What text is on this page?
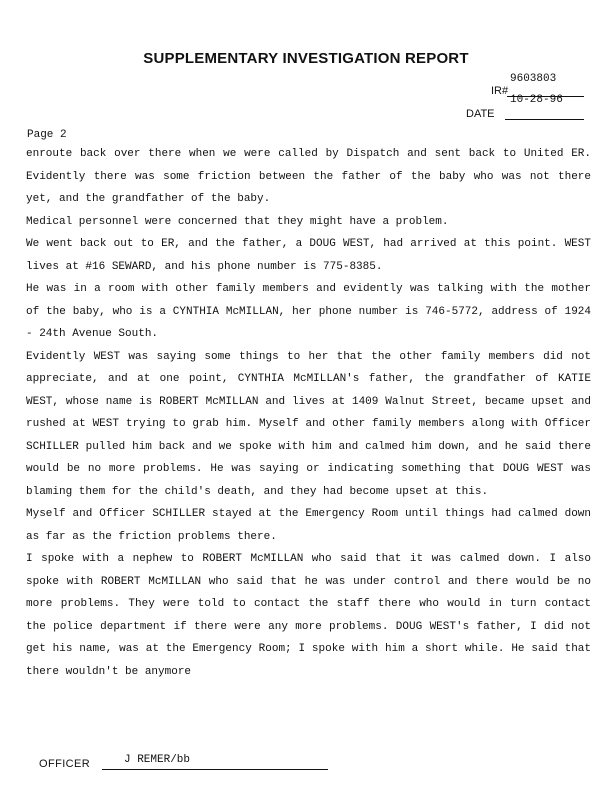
SUPPLEMENTARY INVESTIGATION REPORT
9603803
IR#
10-28-96
DATE
Page 2

enroute back over there when we were called by Dispatch and sent back to United ER. Evidently there was some friction between the father of the baby who was not there yet, and the grandfather of the baby.

Medical personnel were concerned that they might have a problem.

We went back out to ER, and the father, a DOUG WEST, had arrived at this point. WEST lives at #16 SEWARD, and his phone number is 775-8385.

He was in a room with other family members and evidently was talking with the mother of the baby, who is a CYNTHIA McMILLAN, her phone number is 746-5772, address of 1924 - 24th Avenue South.

Evidently WEST was saying some things to her that the other family members did not appreciate, and at one point, CYNTHIA McMILLAN's father, the grandfather of KATIE WEST, whose name is ROBERT McMILLAN and lives at 1409 Walnut Street, became upset and rushed at WEST trying to grab him. Myself and other family members along with Officer SCHILLER pulled him back and we spoke with him and calmed him down, and he said there would be no more problems. He was saying or indicating something that DOUG WEST was blaming them for the child's death, and they had become upset at this.

Myself and Officer SCHILLER stayed at the Emergency Room until things had calmed down as far as the friction problems there.

I spoke with a nephew to ROBERT McMILLAN who said that it was calmed down. I also spoke with ROBERT McMILLAN who said that he was under control and there would be no more problems. They were told to contact the staff there who would in turn contact the police department if there were any more problems. DOUG WEST's father, I did not get his name, was at the Emergency Room; I spoke with him a short while. He said that there wouldn't be anymore

OFFICER	J REMER/bb
